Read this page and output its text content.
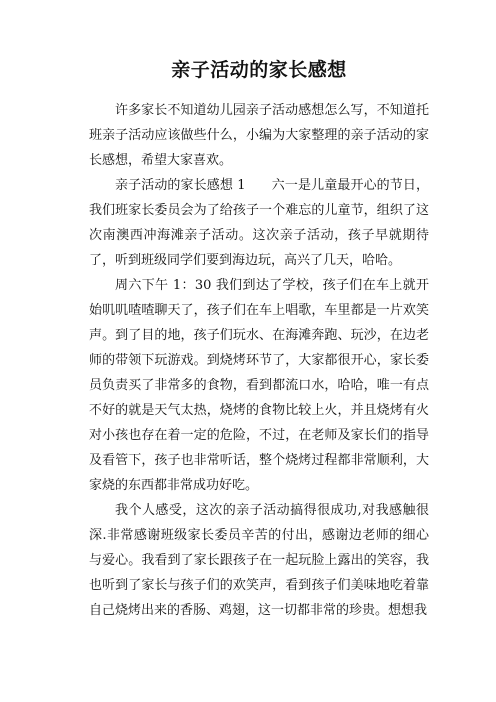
亲子活动的家长感想

许多家长不知道幼儿园亲子活动感想怎么写，不知道托班亲子活动应该做些什么，小编为大家整理的亲子活动的家长感想，希望大家喜欢。

亲子活动的家长感想 1　　六一是儿童最开心的节日，我们班家长委员会为了给孩子一个难忘的儿童节，组织了这次南澳西冲海滩亲子活动。这次亲子活动，孩子早就期待了，听到班级同学们要到海边玩，高兴了几天，哈哈。

周六下午 1：30 我们到达了学校，孩子们在车上就开始叽叽喳喳聊天了，孩子们在车上唱歌，车里都是一片欢笑声。到了目的地，孩子们玩水、在海滩奔跑、玩沙，在边老师的带领下玩游戏。到烧烤环节了，大家都很开心，家长委员负责买了非常多的食物，看到都流口水，哈哈，唯一有点不好的就是天气太热，烧烤的食物比较上火，并且烧烤有火对小孩也存在着一定的危险，不过，在老师及家长们的指导及看管下，孩子也非常听话，整个烧烤过程都非常顺利，大家烧的东西都非常成功好吃。

我个人感受，这次的亲子活动搞得很成功,对我感触很深.非常感谢班级家长委员辛苦的付出，感谢边老师的细心与爱心。我看到了家长跟孩子在一起玩脸上露出的笑容，我也听到了家长与孩子们的欢笑声，看到孩子们美味地吃着靠自己烧烤出来的香肠、鸡翅，这一切都非常的珍贵。想想我
